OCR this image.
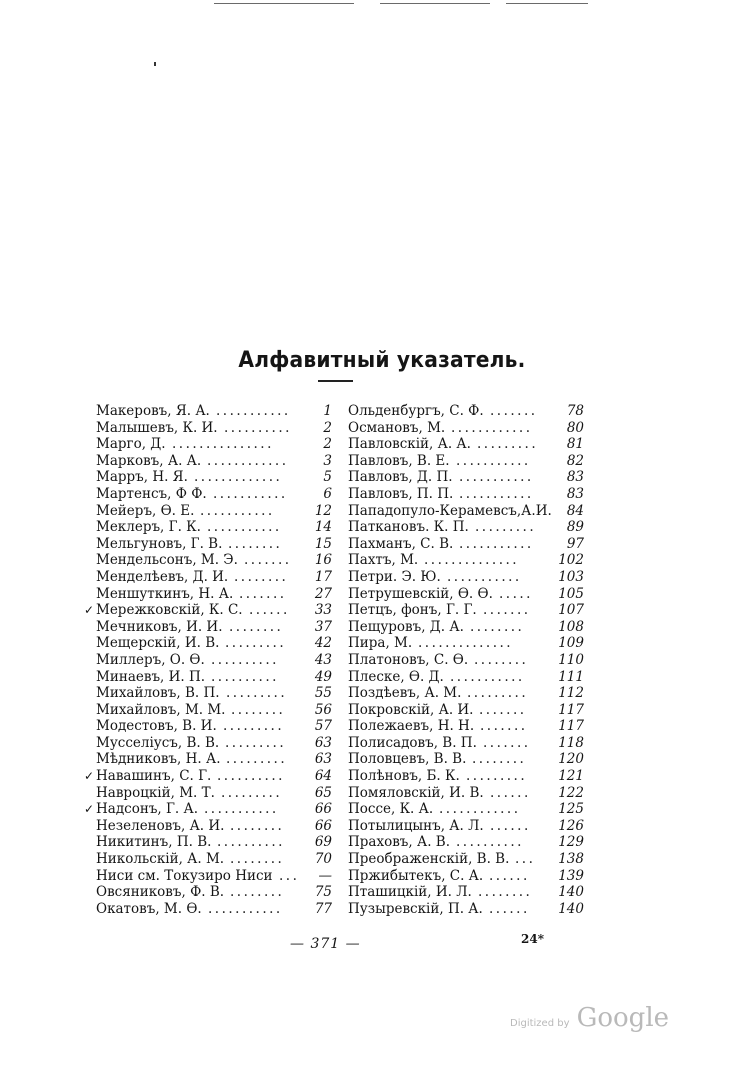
Алфавитный указатель.
Макеровъ, Я. А. ........... 1
Малышевъ, К. И. .......... 2
Марго, Д. ...............	2
Марковъ, А. А. ............	3
Марръ, Н. Я. .............	5
Мартенсъ, Ф Ф. ...........	6
Мейеръ, Ѳ. Е. ...........	12
Меклеръ, Г. К. ........... 14
Мельгуновъ, Г. В. ........ 15
Мендельсонъ, М. Э. ....... 16
Менделѣевъ, Д. И. ........ 17
Меншуткинъ, Н. А. ....... 27
✓ Мережковскій, К. С. ...... 33
Мечниковъ, И. И. ........ 37
Мещерскій, И. В. ......... 42
Миллеръ, О. Ѳ. ..........	43
Минаевъ, И. П. ..........	49
Михайловъ, В. П. ......... 55
Михайловъ, М. М. ........ 56
Модестовъ, В. И. ......... 57
Мусселіусъ, В. В. ......... 63
Мѣдниковъ, Н. А. ......... 63
✓ Навашинъ, С. Г. .......... 64
Навроцкій, М. Т. ......... 65
✓ Надсонъ, Г. А. ...........	66
Незеленовъ, А. И. ........ 66
Никитинъ, П. В. .......... 69
Никольскій, А. М. ........ 70
Ниси см. Токузиро Ниси ... —
Овсяниковъ, Ф. В. ........ 75
Окатовъ, М. Ѳ. ........... 77
Ольденбургъ, С. Ф. ....... 78
Османовъ, М. ............	80
Павловскій, А. А. ......... 81
Павловъ, В. Е. ...........	82
Павловъ, Д. П. ........... 83
Павловъ, П. П. ........... 83
Пападопуло-Керамевсъ,А.И. 84
Паткановъ. К. П. ......... 89
Пахманъ, С. В. ........... 97
Пахтъ, М. ..............	102
Петри. Э. Ю. ...........	103
Петрушевскій, Ѳ. Ѳ. ..... 105
Петцъ, фонъ, Г. Г. ....... 107
Пещуровъ, Д. А. ........	108
Пира, М. ..............	109
Платоновъ, С. Ѳ. ........ 110
Плеске, Ѳ. Д. ........... 111
Поздѣевъ, А. М. ......... 112
Покровскій, А. И. ....... 117
Полежаевъ, Н. Н. ....... 117
Полисадовъ, В. П. ....... 118
Половцевъ, В. В. ........ 120
Полѣновъ, Б. К. ......... 121
Помяловскій, И. В. ...... 122
Поссе, К. А. ............	125
Потылицынъ, А. Л. ...... 126
Праховъ, А. В. ..........	129
Преображенскій, В. В. ... 138
Пржибытекъ, С. А. ...... 139
Пташицкій, И. Л. ........ 140
Пузыревскій, П. А. ...... 140
— 371 —	24*
Digitized by Google
